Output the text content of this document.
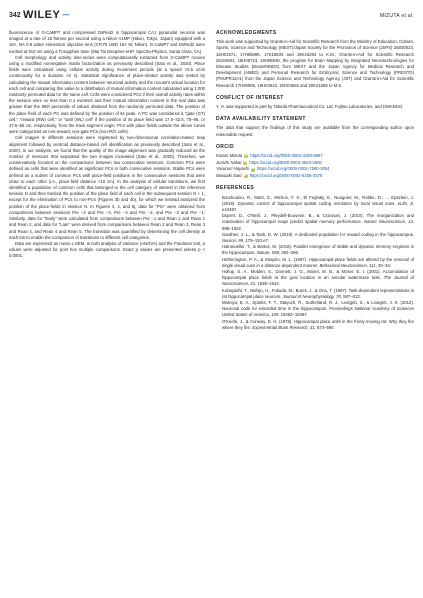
342 WILEY —	MIZUTA et al.

fluorescence of G-CaMP7 and compressed DsRed2 in hippocampal CA1 pyramidal neurons was imaged at a rate of 15 frames per second using a Nikon A1MP (Nikon, Tokyo, Japan) equipped with a 16×, NA 0.8 water immersion objective lens (CFI75 LWD 16× W, Nikon). G-CaMP7 and DsRed2 were excited at 910 nm using a Ti:sapphire laser (Mai Tai DeepSee eHP, Spectra-Physics, Santa Clara, CA).

Cell morphology and activity time-series were computationally extracted from G-CaMP7 movies using a modified nonnegative matrix factorization as previously described (Sato et al., 2020). Place fields were calculated using cellular activity during movement periods (at a speed >0.5 cm/s continuously for a duration >2 s). Statistical significance of place-related activity was tested by calculating the mutual information content between neuronal activity and the mouse's virtual location for each cell and comparing this value to a distribution of mutual information content calculated using 1,000 randomly permuted data for the same cell. Cells were considered PCs if their overall activity rates within the session were no less than 0.1 events/s and their mutual information content in the real data was greater than the 95th percentile of values obtained from the randomly permuted data. The position of the place field of each PC was defined by the position of its peak. A PC was considered a "gate (GT) cell," "reward (RW) cell," or "wall (WL) cell" if the position of its place field was 17.5–32.5, 75–95, or 47.5–55 cm, respectively, from the track segment origin. PCs with place fields outside the above zones were categorized as non-reward, non-gate PCs (non-R/G cells).

Cell images in different sessions were registered by two-dimensional correlation-based map alignment followed by centroid distance-based cell identification as previously described (Sato et al., 2020). In our analysis, we found that the quality of the image alignment was gradually reduced as the number of sessions that separated the two images increased (Sato et al., 2020). Therefore, we conservatively focused on the comparisons between two consecutive sessions. Common PCs were defined as cells that were identified as significant PCs in both consecutive sessions. Stable PCs were defined as a subset of common PCs with place-field positions in the consecutive sessions that were close to each other (i.e., place-field distance <10 cm). In the analysis of cellular transitions, we first identified a population of common cells that belonged to the cell category of interest in the reference session N and then tracked the position of the place field of each cell in the subsequent session N + 1, except for the elimination of PCs to non-PCs (Figures 3b and 4b), for which we instead analyzed the position of the place-fields in session N. In Figures 3, 4, and 5j, data for "Pre" were obtained from comparisons between sessions Pre −4 and Pre −3, Pre −3 and Pre −2, and Pre −2 and Pre −1. Similarly, data for "Early" were calculated from comparisons between Pre −1 and Rean 1 and Rean 1 and Rean 2, and data for "Late" were derived from comparisons between Rean 2 and Rean 3, Rean 3 and Rean 4, and Rean 4 and Rean 5. The transition was quantified by determining the cell density at each bin to enable the comparison of transitions to different cell categories.

Data are expressed as mean ± SEM. In both analysis of variance (ANOVA) and the Friedman test, p values were adjusted for post hoc multiple comparisons. Exact p values are presented unless p < 0.0001.

ACKNOWLEDGMENTS

This work was supported by Grants-in-Aid for Scientific Research from the Ministry of Education, Culture, Sports, Science and Technology (MEXT)/Japan Society for the Promotion of Science (JSPS) 25830023, 15H01571, 17H05695, 17K19633 and 19K16293 to K.M.; Grants-in-Aid for Scientific Research 26115504, 15H05723, 18H06536, the program for Brain Mapping by Integrated Neurotechnologies for Disease Studies (Brain/MINDS) from MEXT and the Japan Agency for Medical Research and Development (AMED) and Personal Research for Embryonic Science and Technology (PRESTO) (PMJPR12A1) from the Japan Science and Technology Agency (JST) and Grants-in-Aid for Scientific Research 17H05985, 19H04942, 20H03550 and 20K21565 to M.S.

CONFLICT OF INTEREST

Y. H. was supported in part by Takeda Pharmaceutical Co. Ltd, Fujitsu Laboratories, and DWANGO.

DATA AVAILABILITY STATEMENT

The data that support the findings of this study are available from the corresponding author upon reasonable request.

ORCID
Kotaro Mizuta iD https://orcid.org/0000-0003-3169-8997
Junichi Nakai iD https://orcid.org/0000-0003-4963-2600
Yasunori Hayashi iD https://orcid.org/0000-0002-7560-3004
Masaaki Sato iD https://orcid.org/0000-0002-5208-3375
REFERENCES

Bourboulou, R., Marti, G., Michon, F. X., El Feghaly, E., Nouguier, M., Robbe, D., … Epsztein, J. (2019). Dynamic control of hippocampal spatial coding resolution by local visual cues. eLife, 8, e44487.

Dupret, D., O'Neill, J., Pleydell-Bouverie, B., & Csicsvari, J. (2010). The reorganization and reactivation of hippocampal maps predict spatial memory performance. Nature Neuroscience, 13, 995–1002.

Gauthier, J. L., & Tank, D. W. (2018). A dedicated population for reward coding in the hippocampus. Neuron, 99, 179–193.e7.

Hainmueller, T., & Bartos, M. (2018). Parallel emergence of stable and dynamic memory engrams in the hippocampus. Nature, 558, 292–296.

Hetherington, P. A., & Shapiro, M. L. (1997). Hippocampal place fields are altered by the removal of single visual cues in a distance-dependent manner. Behavioral Neuroscience, 111, 20–34.

Hollup, S. A., Molden, S., Donnett, J. G., Moser, M. B., & Moser, E. I. (2001). Accumulation of hippocampal place fields at the goal location in an annular watermaze task. The Journal of Neuroscience, 21, 1635–1644.

Kobayashi, T., Nishijo, H., Fukuda, M., Bures, J., & Ono, T. (1997). Task-dependent representations in rat hippocampal place neurons. Journal of Neurophysiology, 78, 597–613.

Mamiya, E. A., Sparks, F. T., Stayoch, R., Sutherland, R. J., Leutgeb, S., & Leutgeb, J. K. (2012). Neuronal code for extended time in the hippocampus. Proceedings National Academy of Sciences United States of America, 109, 19462–19467.

O'Keefe, J., & Conway, D. H. (1978). Hippocampal place units in the freely moving rat: Why they fire where they fire. Experimental Brain Research, 31, 573–590.
